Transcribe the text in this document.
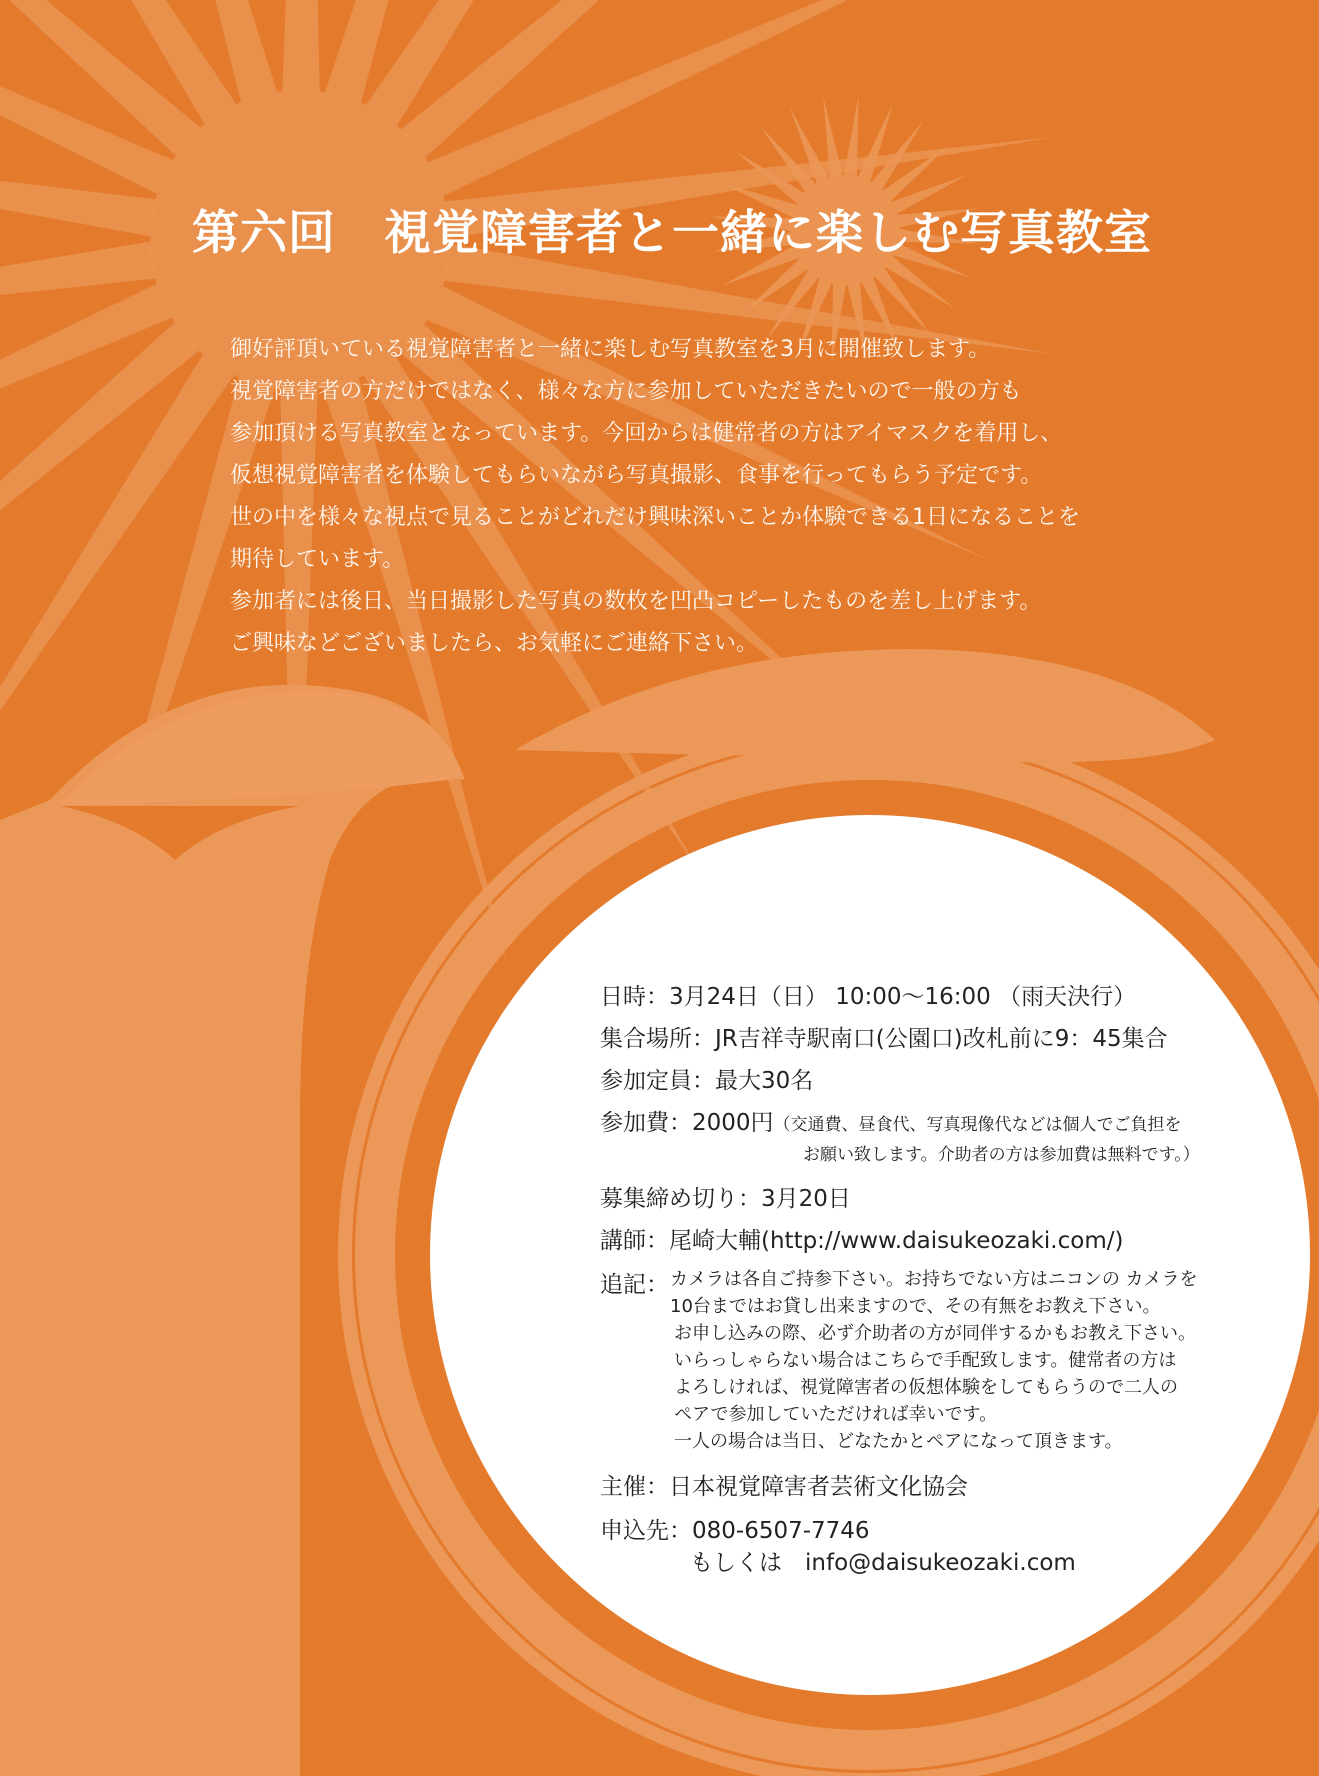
第六回　視覚障害者と一緒に楽しむ写真教室
御好評頂いている視覚障害者と一緒に楽しむ写真教室を3月に開催致します。
視覚障害者の方だけではなく、様々な方に参加していただきたいので一般の方も
参加頂ける写真教室となっています。今回からは健常者の方はアイマスクを着用し、
仮想視覚障害者を体験してもらいながら写真撮影、食事を行ってもらう予定です。
世の中を様々な視点で見ることがどれだけ興味深いことか体験できる1日になることを
期待しています。
参加者には後日、当日撮影した写真の数枚を凹凸コピーしたものを差し上げます。
ご興味などございましたら、お気軽にご連絡下さい。
日時：3月24日（日） 10:00〜16:00 （雨天決行）
集合場所：JR吉祥寺駅南口(公園口)改札前に9：45集合
参加定員：最大30名
参加費：2000円（交通費、昼食代、写真現像代などは個人でご負担を
お願い致します。介助者の方は参加費は無料です。）
募集締め切り：3月20日
講師：尾崎大輔(http://www.daisukeozaki.com/)
追記： カメラは各自ご持参下さい。お持ちでない方はニコンの カメラを
10台まではお貸し出来ますので、その有無をお教え下さい。
お申し込みの際、必ず介助者の方が同伴するかもお教え下さい。
いらっしゃらない場合はこちらで手配致します。健常者の方は
よろしければ、視覚障害者の仮想体験をしてもらうので二人の
ペアで参加していただければ幸いです。
一人の場合は当日、どなたかとペアになって頂きます。
主催：日本視覚障害者芸術文化協会
申込先：080-6507-7746
もしくは　info@daisukeozaki.com
